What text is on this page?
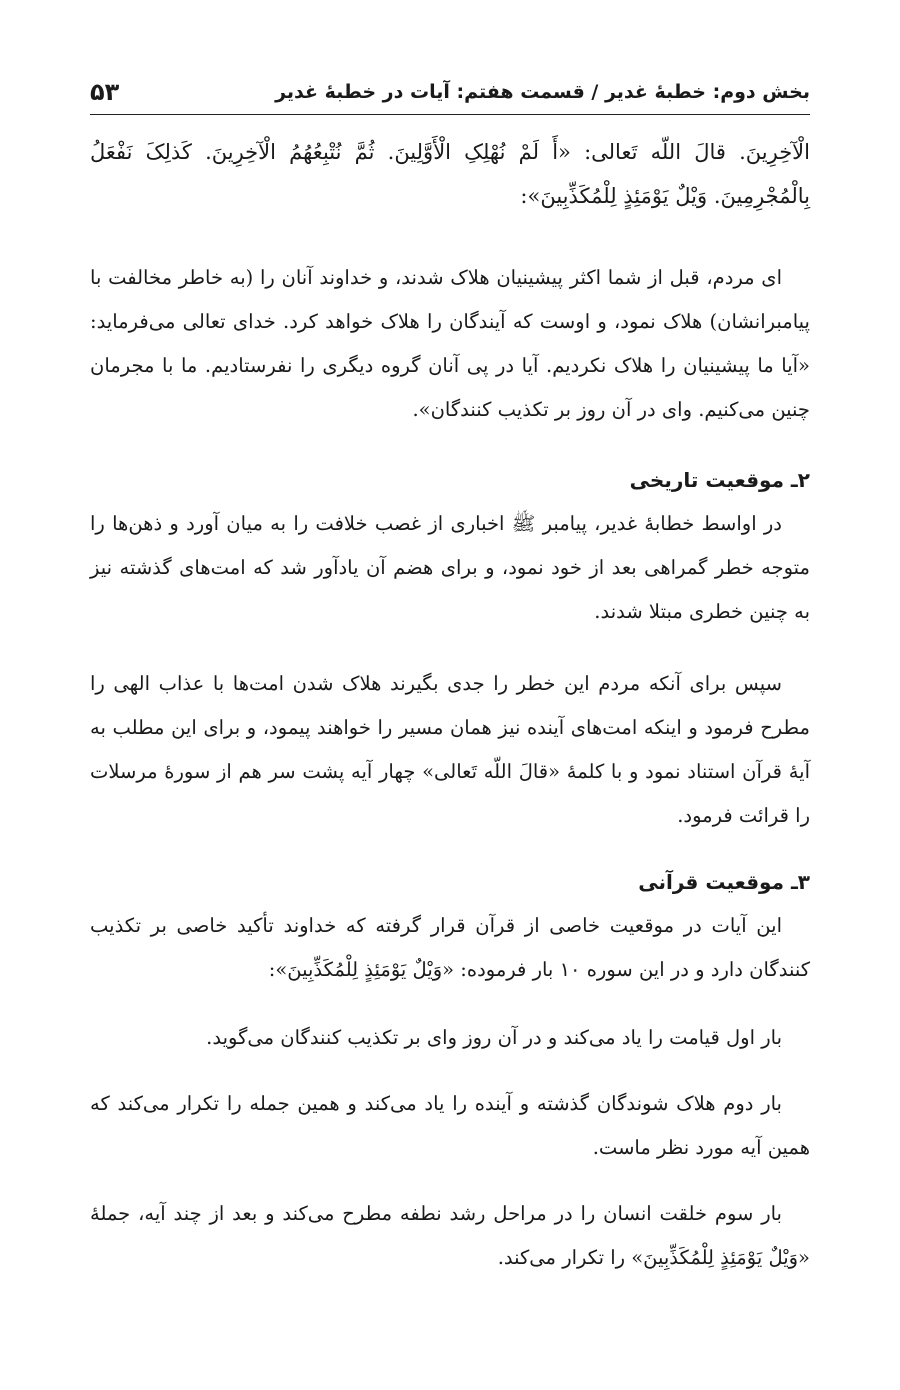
بخش دوم: خطبۀ غدیر / قسمت هفتم: آیات در خطبۀ غدیر
۵۳

الْآخِرِینَ. قالَ اللّه تَعالی: «أَ لَمْ نُهْلِکِ الْأَوَّلِینَ. ثُمَّ نُتْبِعُهُمُ الْآخِرِینَ. کَذلِکَ نَفْعَلُ بِالْمُجْرِمِینَ. وَیْلٌ یَوْمَئِذٍ لِلْمُکَذِّبِینَ»:

ای مردم، قبل از شما اکثر پیشینیان هلاک شدند، و خداوند آنان را (به خاطر مخالفت با پیامبرانشان) هلاک نمود، و اوست که آیندگان را هلاک خواهد کرد. خدای تعالی می‌فرماید: «آیا ما پیشینیان را هلاک نکردیم. آیا در پی آنان گروه دیگری را نفرستادیم. ما با مجرمان چنین می‌کنیم. وای در آن روز بر تکذیب کنندگان».

۲ـ موقعیت تاریخی

در اواسط خطابۀ غدیر، پیامبر ﷺ اخباری از غصب خلافت را به میان آورد و ذهن‌ها را متوجه خطر گمراهی بعد از خود نمود، و برای هضم آن یادآور شد که امت‌های گذشته نیز به چنین خطری مبتلا شدند.

سپس برای آنکه مردم این خطر را جدی بگیرند هلاک شدن امت‌ها با عذاب الهی را مطرح فرمود و اینکه امت‌های آینده نیز همان مسیر را خواهند پیمود، و برای این مطلب به آیۀ قرآن استناد نمود و با کلمۀ «قالَ اللّه تَعالی» چهار آیه پشت سر هم از سورۀ مرسلات را قرائت فرمود.

۳ـ موقعیت قرآنی

این آیات در موقعیت خاصی از قرآن قرار گرفته که خداوند تأکید خاصی بر تکذیب کنندگان دارد و در این سوره ۱۰ بار فرموده: «وَیْلٌ یَوْمَئِذٍ لِلْمُکَذِّبِینَ»:

بار اول قیامت را یاد می‌کند و در آن روز وای بر تکذیب کنندگان می‌گوید.

بار دوم هلاک شوندگان گذشته و آینده را یاد می‌کند و همین جمله را تکرار می‌کند که همین آیه مورد نظر ماست.

بار سوم خلقت انسان را در مراحل رشد نطفه مطرح می‌کند و بعد از چند آیه، جملۀ «وَیْلٌ یَوْمَئِذٍ لِلْمُکَذِّبِینَ» را تکرار می‌کند.
